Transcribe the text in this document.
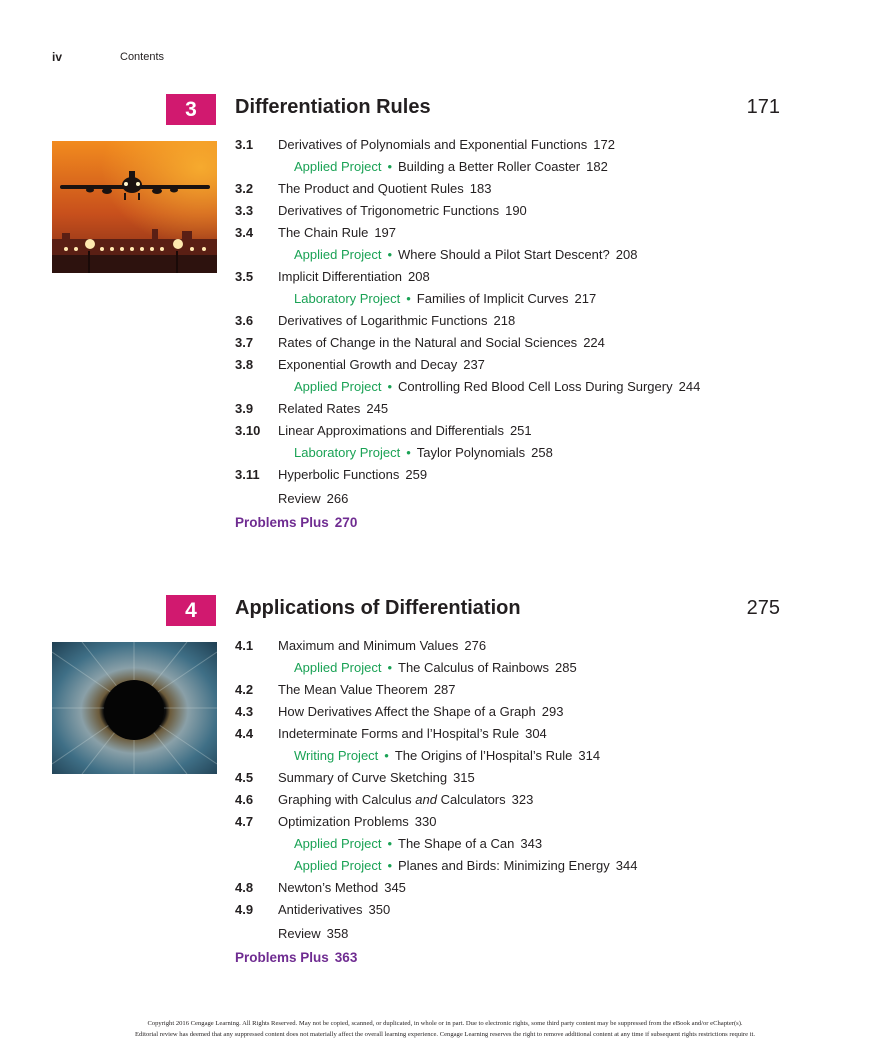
iv	Contents
3	Differentiation Rules	171
3.1 Derivatives of Polynomials and Exponential Functions 172
Applied Project • Building a Better Roller Coaster 182
3.2 The Product and Quotient Rules 183
3.3 Derivatives of Trigonometric Functions 190
3.4 The Chain Rule 197
Applied Project • Where Should a Pilot Start Descent? 208
3.5 Implicit Differentiation 208
Laboratory Project • Families of Implicit Curves 217
3.6 Derivatives of Logarithmic Functions 218
3.7 Rates of Change in the Natural and Social Sciences 224
3.8 Exponential Growth and Decay 237
Applied Project • Controlling Red Blood Cell Loss During Surgery 244
3.9 Related Rates 245
3.10 Linear Approximations and Differentials 251
Laboratory Project • Taylor Polynomials 258
3.11 Hyperbolic Functions 259
Review 266
Problems Plus 270
4	Applications of Differentiation	275
4.1 Maximum and Minimum Values 276
Applied Project • The Calculus of Rainbows 285
4.2 The Mean Value Theorem 287
4.3 How Derivatives Affect the Shape of a Graph 293
4.4 Indeterminate Forms and l’Hospital’s Rule 304
Writing Project • The Origins of l’Hospital’s Rule 314
4.5 Summary of Curve Sketching 315
4.6 Graphing with Calculus and Calculators 323
4.7 Optimization Problems 330
Applied Project • The Shape of a Can 343
Applied Project • Planes and Birds: Minimizing Energy 344
4.8 Newton’s Method 345
4.9 Antiderivatives 350
Review 358
Problems Plus 363
Copyright 2016 Cengage Learning. All Rights Reserved. May not be copied, scanned, or duplicated, in whole or in part. Due to electronic rights, some third party content may be suppressed from the eBook and/or eChapter(s).
Editorial review has deemed that any suppressed content does not materially affect the overall learning experience. Cengage Learning reserves the right to remove additional content at any time if subsequent rights restrictions require it.
